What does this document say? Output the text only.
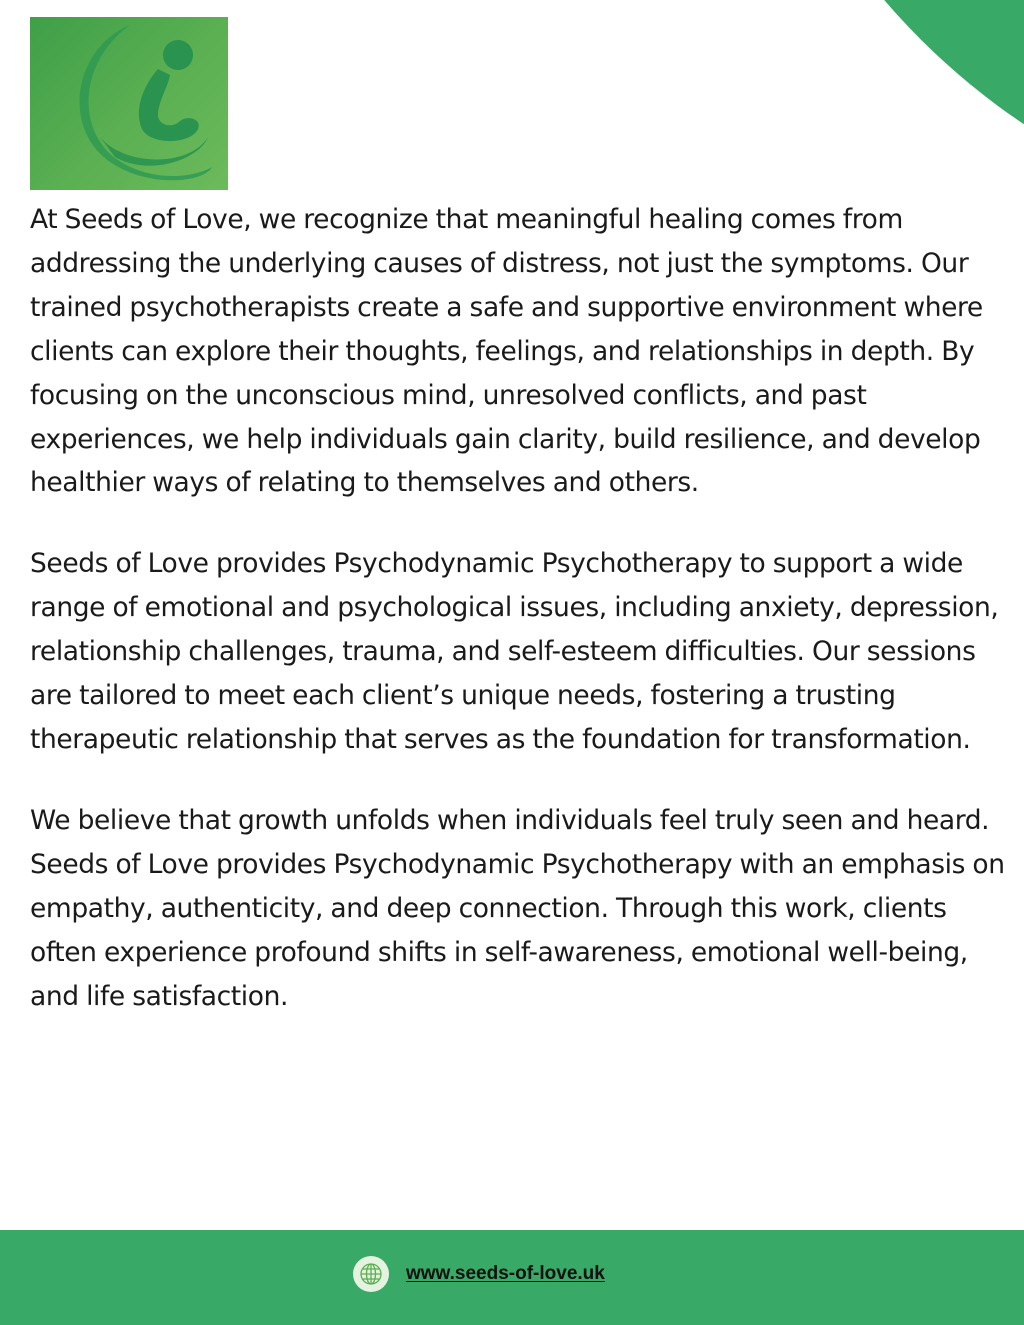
At Seeds of Love, we recognize that meaningful healing comes from addressing the underlying causes of distress, not just the symptoms. Our trained psychotherapists create a safe and supportive environment where clients can explore their thoughts, feelings, and relationships in depth. By focusing on the unconscious mind, unresolved conflicts, and past experiences, we help individuals gain clarity, build resilience, and develop healthier ways of relating to themselves and others.

Seeds of Love provides Psychodynamic Psychotherapy to support a wide range of emotional and psychological issues, including anxiety, depression, relationship challenges, trauma, and self-esteem difficulties. Our sessions are tailored to meet each client’s unique needs, fostering a trusting therapeutic relationship that serves as the foundation for transformation.

We believe that growth unfolds when individuals feel truly seen and heard. Seeds of Love provides Psychodynamic Psychotherapy with an emphasis on empathy, authenticity, and deep connection. Through this work, clients often experience profound shifts in self-awareness, emotional well-being, and life satisfaction.

www.seeds-of-love.uk
